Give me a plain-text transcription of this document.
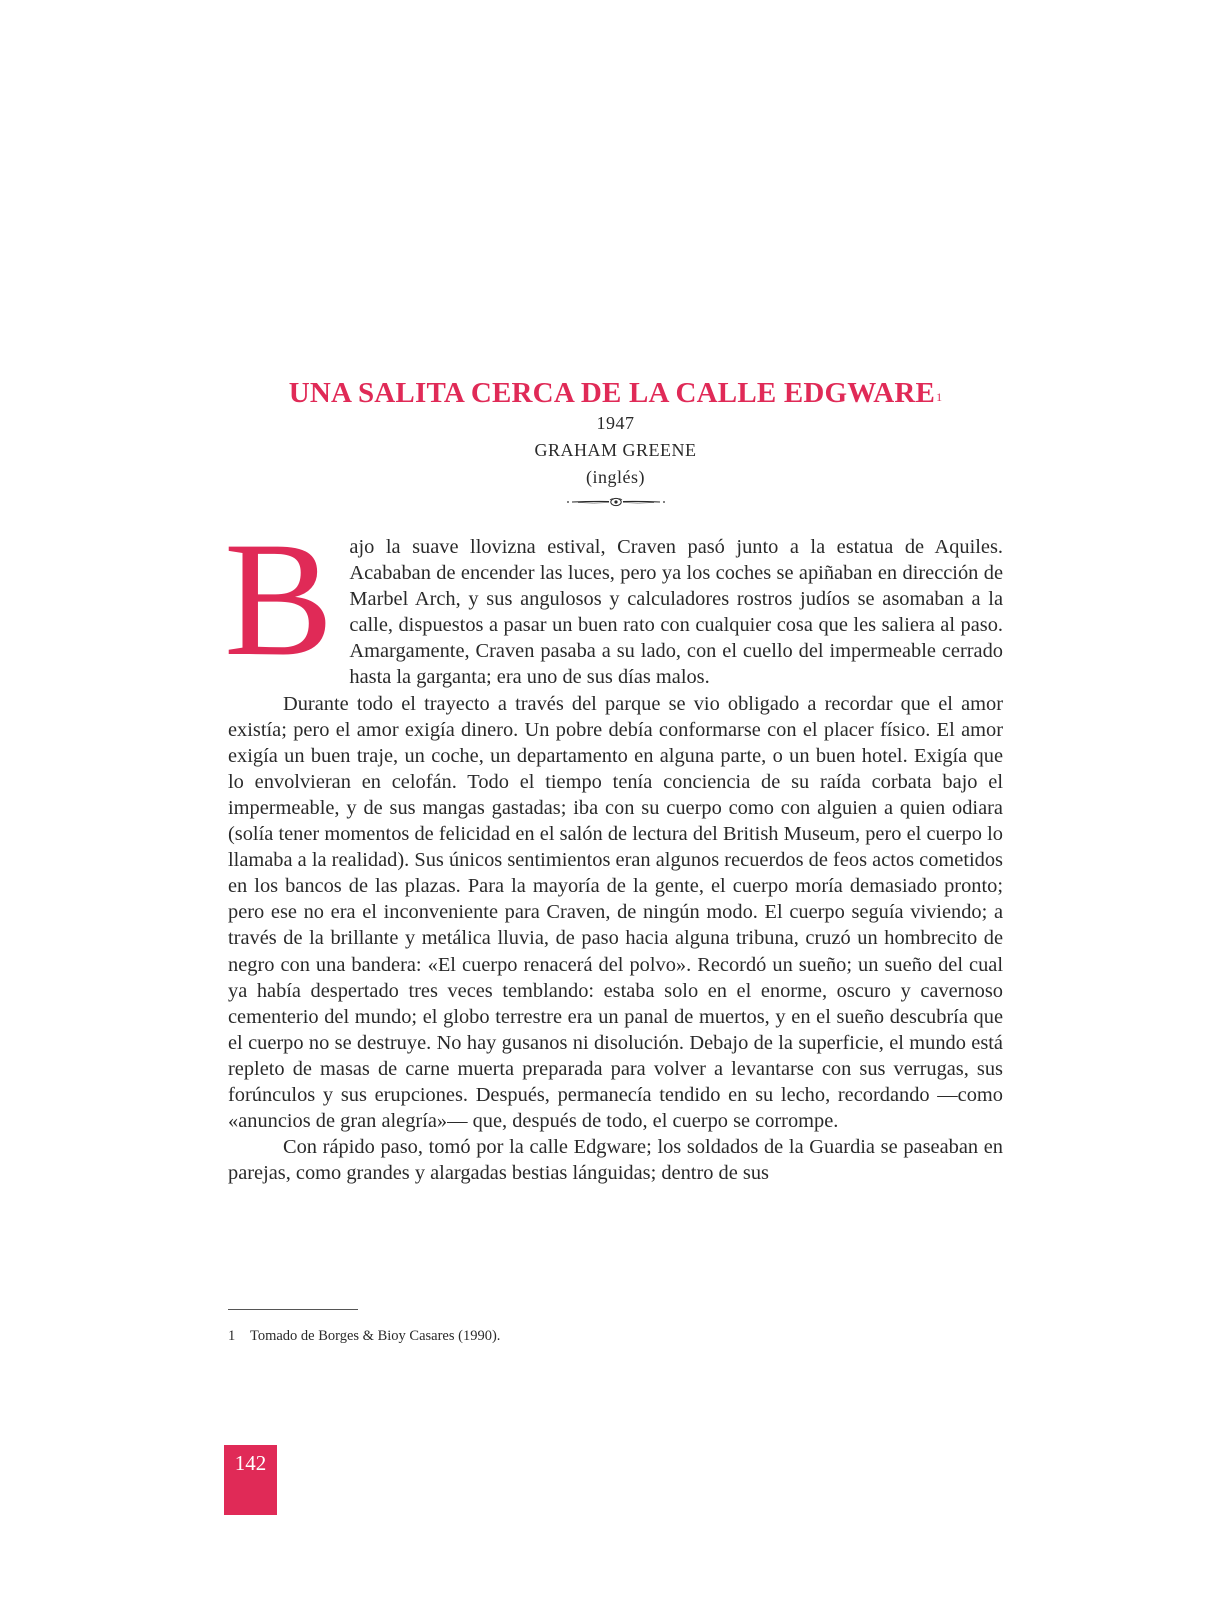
UNA SALITA CERCA DE LA CALLE EDGWARE$^1$

1947

GRAHAM GREENE

(inglés)

Bajo la suave llovizna estival, Craven pasó junto a la estatua de Aquiles. Acababan de encender las luces, pero ya los coches se apiñaban en dirección de Marbel Arch, y sus angulosos y calculadores rostros judíos se asomaban a la calle, dispuestos a pasar un buen rato con cualquier cosa que les saliera al paso. Amargamente, Craven pasaba a su lado, con el cuello del impermeable cerrado hasta la garganta; era uno de sus días malos.

Durante todo el trayecto a través del parque se vio obligado a recordar que el amor existía; pero el amor exigía dinero. Un pobre debía conformarse con el placer físico. El amor exigía un buen traje, un coche, un departamento en alguna parte, o un buen hotel. Exigía que lo envolvieran en celofán. Todo el tiempo tenía conciencia de su raída corbata bajo el impermeable, y de sus mangas gastadas; iba con su cuerpo como con alguien a quien odiara (solía tener momentos de felicidad en el salón de lectura del British Museum, pero el cuerpo lo llamaba a la realidad). Sus únicos sentimientos eran algunos recuerdos de feos actos cometidos en los bancos de las plazas. Para la mayoría de la gente, el cuerpo moría demasiado pronto; pero ese no era el inconveniente para Craven, de ningún modo. El cuerpo seguía viviendo; a través de la brillante y metálica lluvia, de paso hacia alguna tribuna, cruzó un hombrecito de negro con una bandera: «El cuerpo renacerá del polvo». Recordó un sueño; un sueño del cual ya había despertado tres veces temblando: estaba solo en el enorme, oscuro y cavernoso cementerio del mundo; el globo terrestre era un panal de muertos, y en el sueño descubría que el cuerpo no se destruye. No hay gusanos ni disolución. Debajo de la superficie, el mundo está repleto de masas de carne muerta preparada para volver a levantarse con sus verrugas, sus forúnculos y sus erupciones. Después, permanecía tendido en su lecho, recordando —como «anuncios de gran alegría»— que, después de todo, el cuerpo se corrompe.

Con rápido paso, tomó por la calle Edgware; los soldados de la Guardia se paseaban en parejas, como grandes y alargadas bestias lánguidas; dentro de sus

1 Tomado de Borges & Bioy Casares (1990).
142
